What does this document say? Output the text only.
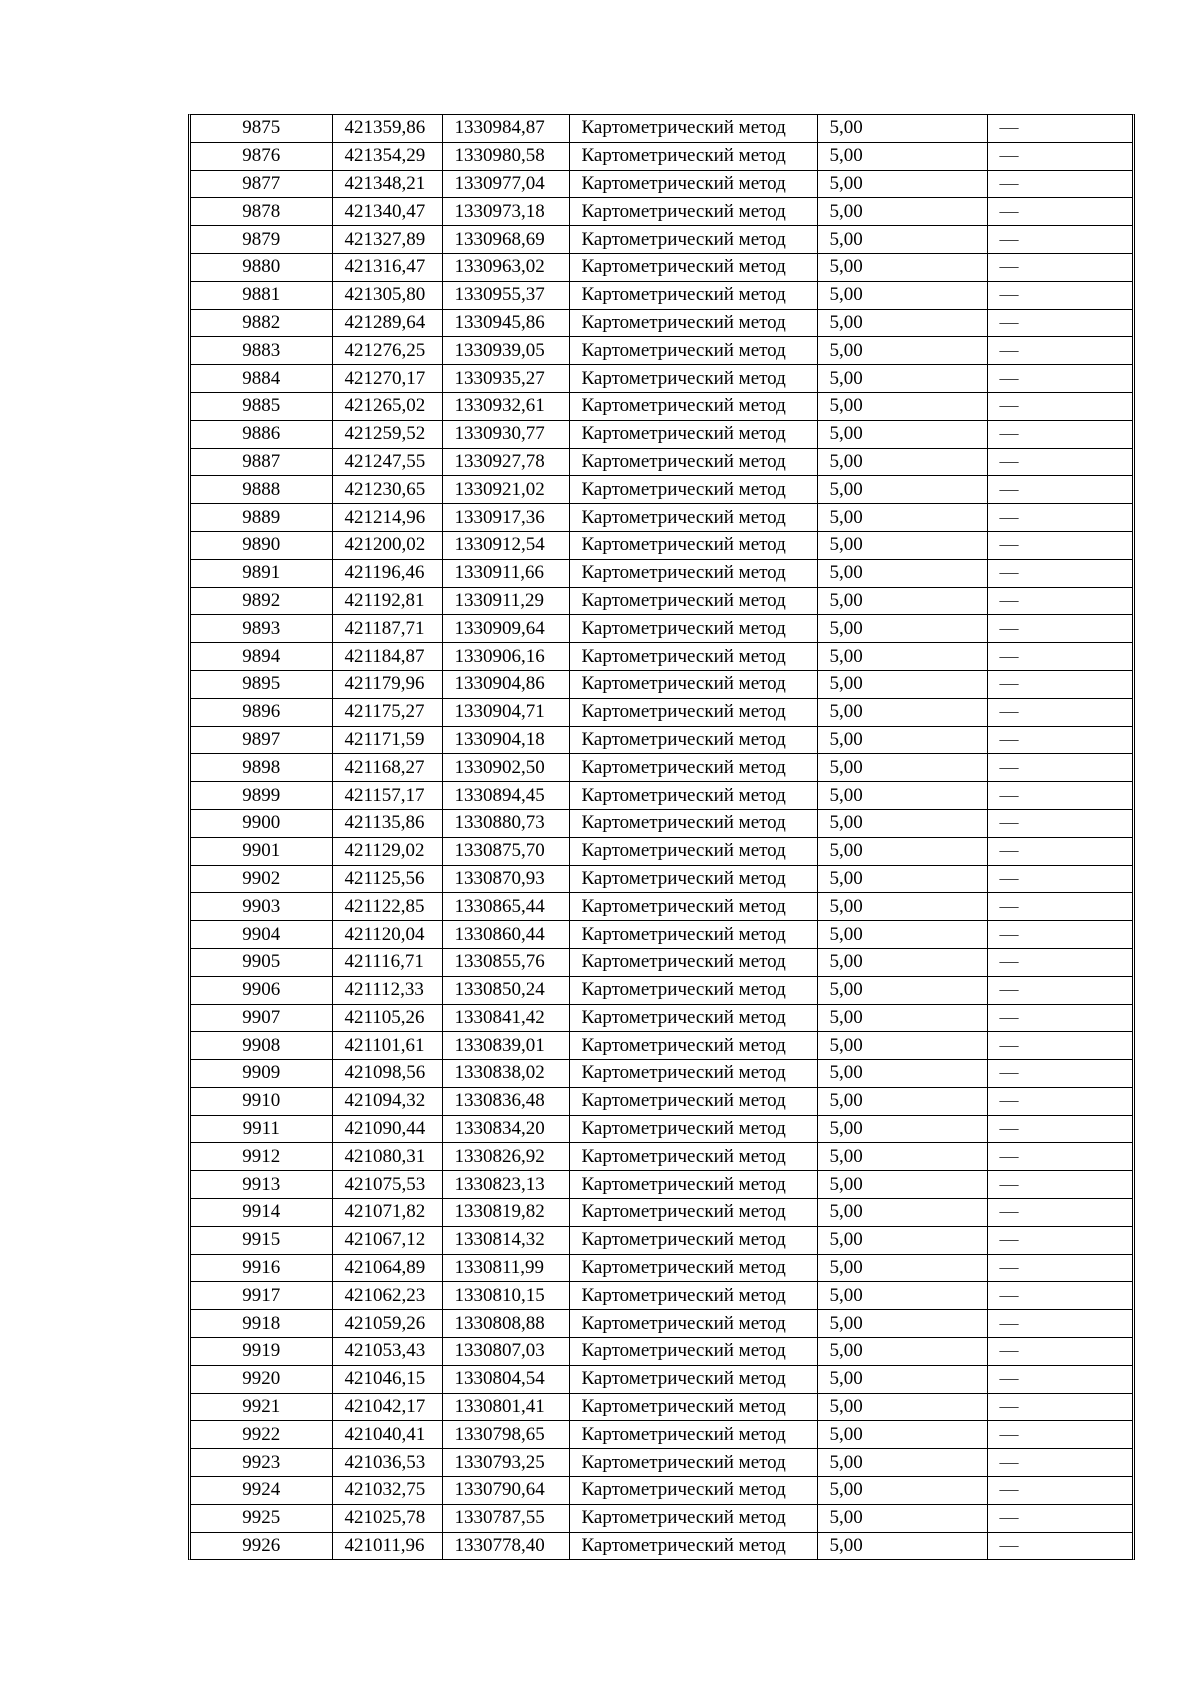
9875	421359,86	1330984,87	Картометрический метод	5,00	—
9876	421354,29	1330980,58	Картометрический метод	5,00	—
9877	421348,21	1330977,04	Картометрический метод	5,00	—
9878	421340,47	1330973,18	Картометрический метод	5,00	—
9879	421327,89	1330968,69	Картометрический метод	5,00	—
9880	421316,47	1330963,02	Картометрический метод	5,00	—
9881	421305,80	1330955,37	Картометрический метод	5,00	—
9882	421289,64	1330945,86	Картометрический метод	5,00	—
9883	421276,25	1330939,05	Картометрический метод	5,00	—
9884	421270,17	1330935,27	Картометрический метод	5,00	—
9885	421265,02	1330932,61	Картометрический метод	5,00	—
9886	421259,52	1330930,77	Картометрический метод	5,00	—
9887	421247,55	1330927,78	Картометрический метод	5,00	—
9888	421230,65	1330921,02	Картометрический метод	5,00	—
9889	421214,96	1330917,36	Картометрический метод	5,00	—
9890	421200,02	1330912,54	Картометрический метод	5,00	—
9891	421196,46	1330911,66	Картометрический метод	5,00	—
9892	421192,81	1330911,29	Картометрический метод	5,00	—
9893	421187,71	1330909,64	Картометрический метод	5,00	—
9894	421184,87	1330906,16	Картометрический метод	5,00	—
9895	421179,96	1330904,86	Картометрический метод	5,00	—
9896	421175,27	1330904,71	Картометрический метод	5,00	—
9897	421171,59	1330904,18	Картометрический метод	5,00	—
9898	421168,27	1330902,50	Картометрический метод	5,00	—
9899	421157,17	1330894,45	Картометрический метод	5,00	—
9900	421135,86	1330880,73	Картометрический метод	5,00	—
9901	421129,02	1330875,70	Картометрический метод	5,00	—
9902	421125,56	1330870,93	Картометрический метод	5,00	—
9903	421122,85	1330865,44	Картометрический метод	5,00	—
9904	421120,04	1330860,44	Картометрический метод	5,00	—
9905	421116,71	1330855,76	Картометрический метод	5,00	—
9906	421112,33	1330850,24	Картометрический метод	5,00	—
9907	421105,26	1330841,42	Картометрический метод	5,00	—
9908	421101,61	1330839,01	Картометрический метод	5,00	—
9909	421098,56	1330838,02	Картометрический метод	5,00	—
9910	421094,32	1330836,48	Картометрический метод	5,00	—
9911	421090,44	1330834,20	Картометрический метод	5,00	—
9912	421080,31	1330826,92	Картометрический метод	5,00	—
9913	421075,53	1330823,13	Картометрический метод	5,00	—
9914	421071,82	1330819,82	Картометрический метод	5,00	—
9915	421067,12	1330814,32	Картометрический метод	5,00	—
9916	421064,89	1330811,99	Картометрический метод	5,00	—
9917	421062,23	1330810,15	Картометрический метод	5,00	—
9918	421059,26	1330808,88	Картометрический метод	5,00	—
9919	421053,43	1330807,03	Картометрический метод	5,00	—
9920	421046,15	1330804,54	Картометрический метод	5,00	—
9921	421042,17	1330801,41	Картометрический метод	5,00	—
9922	421040,41	1330798,65	Картометрический метод	5,00	—
9923	421036,53	1330793,25	Картометрический метод	5,00	—
9924	421032,75	1330790,64	Картометрический метод	5,00	—
9925	421025,78	1330787,55	Картометрический метод	5,00	—
9926	421011,96	1330778,40	Картометрический метод	5,00	—
